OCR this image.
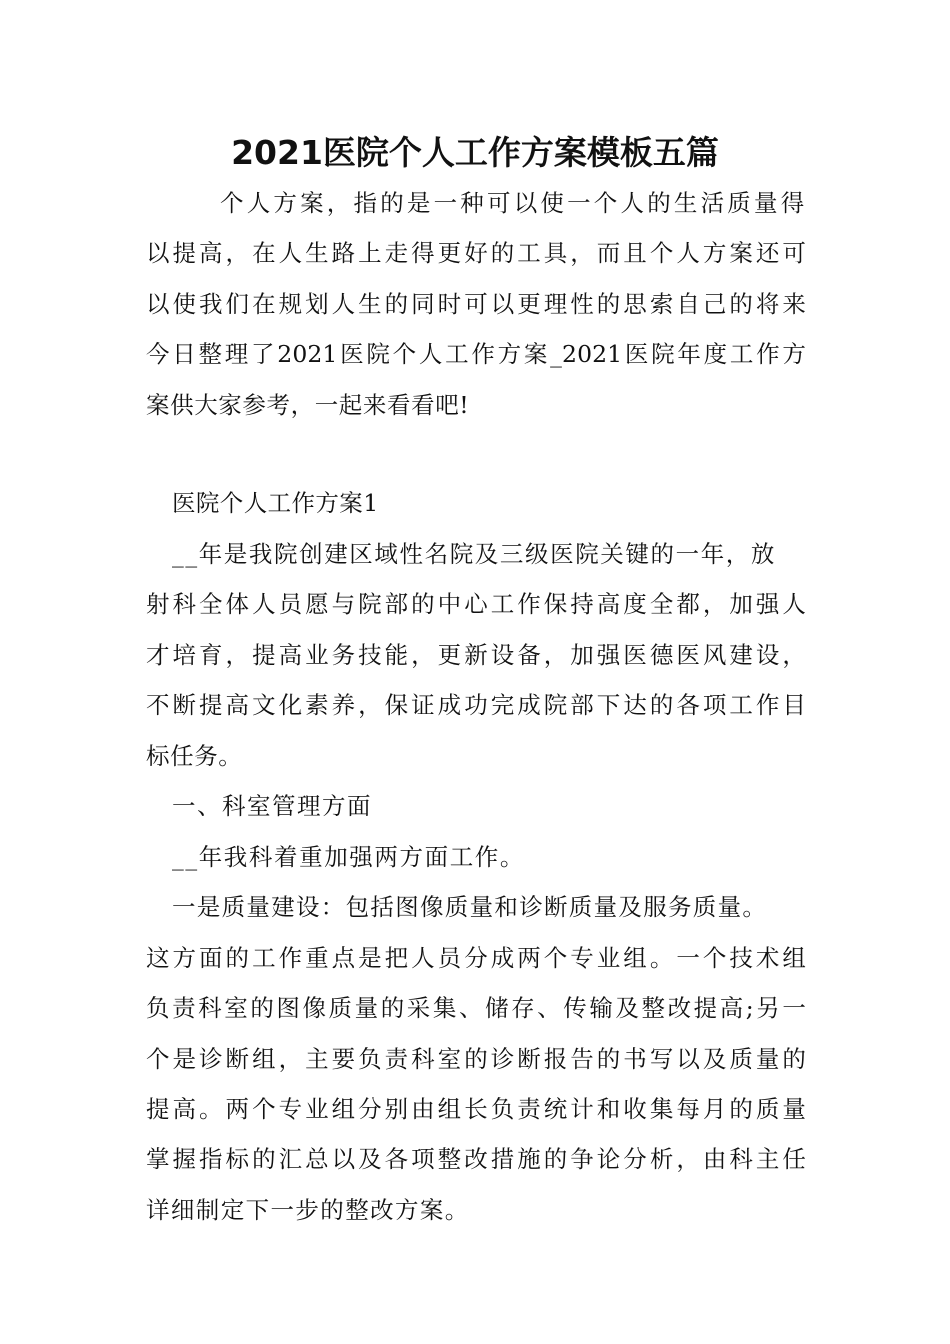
2021医院个人工作方案模板五篇
个人方案，指的是一种可以使一个人的生活质量得
以提高，在人生路上走得更好的工具，而且个人方案还可
以使我们在规划人生的同时可以更理性的思索自己的将来
今日整理了2021医院个人工作方案_2021医院年度工作方
案供大家参考，一起来看看吧!
医院个人工作方案1
__年是我院创建区域性名院及三级医院关键的一年，放
射科全体人员愿与院部的中心工作保持高度全都，加强人
才培育，提高业务技能，更新设备，加强医德医风建设，
不断提高文化素养，保证成功完成院部下达的各项工作目
标任务。
一、科室管理方面
__年我科着重加强两方面工作。
一是质量建设：包括图像质量和诊断质量及服务质量。
这方面的工作重点是把人员分成两个专业组。一个技术组
负责科室的图像质量的采集、储存、传输及整改提高;另一
个是诊断组，主要负责科室的诊断报告的书写以及质量的
提高。两个专业组分别由组长负责统计和收集每月的质量
掌握指标的汇总以及各项整改措施的争论分析，由科主任
详细制定下一步的整改方案。
